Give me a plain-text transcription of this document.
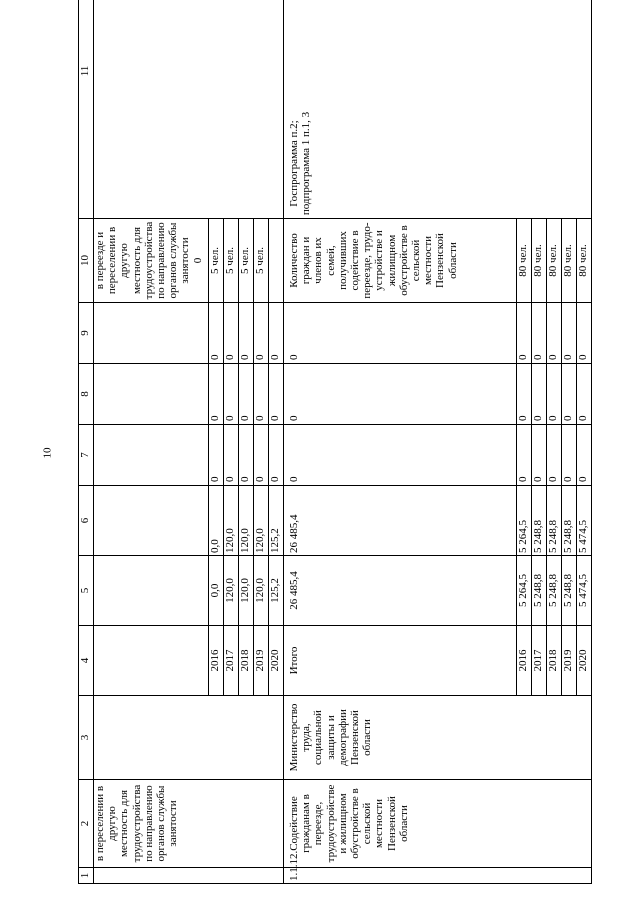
10
1	2	3	4	5	6	7	8	9	10	11
	в переселении в другую местность для трудоустройства по направлению органов службы занятости								в переезде и переселении в другую местность для трудоустройства по направлению органов службы занятости 0	

			2016	0,0	0,0	0	0	0	5 чел.	
			2017	120,0	120,0	0	0	0	5 чел.	
			2018	120,0	120,0	0	0	0	5 чел.	
			2019	120,0	120,0	0	0	0	5 чел.	
			2020	125,2	125,2	0	0	0		
1.1.12.	Содействие гражданам в переезде, трудоустройстве и жилищном обустройстве в сельской местности Пензенской области	Министерство труда, социальной защиты и демографии Пензенской области	Итого	26 485,4	26 485,4	0	0	0	Количество граждан и членов их семей, получивших содействие в переезде, трудо-устройстве и жилищном обустройстве в сельской местности Пензенской области	Госпрограмма п.2; подпрограмма 1 п.1, 3

			2016	5 264,5	5 264,5	0	0	0	80 чел.	
			2017	5 248,8	5 248,8	0	0	0	80 чел.	
			2018	5 248,8	5 248,8	0	0	0	80 чел.	
			2019	5 248,8	5 248,8	0	0	0	80 чел.	
			2020	5 474,5	5 474,5	0	0	0	80 чел.	
